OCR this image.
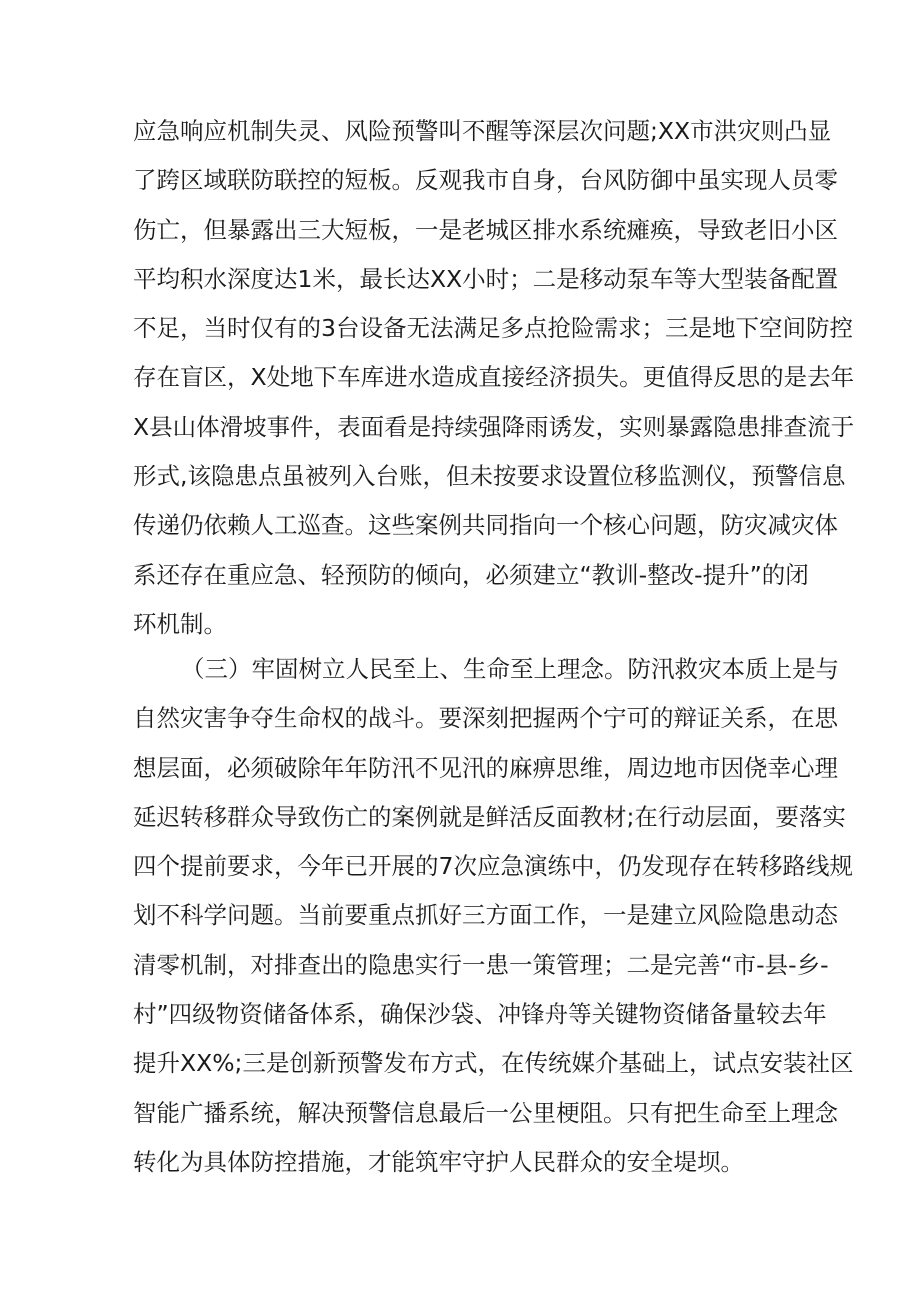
应急响应机制失灵、风险预警叫不醒等深层次问题;XX市洪灾则凸显
了跨区域联防联控的短板。反观我市自身，台风防御中虽实现人员零
伤亡，但暴露出三大短板，一是老城区排水系统瘫痪，导致老旧小区
平均积水深度达1米，最长达XX小时；二是移动泵车等大型装备配置
不足，当时仅有的3台设备无法满足多点抢险需求；三是地下空间防控
存在盲区，X处地下车库进水造成直接经济损失。更值得反思的是去年
X县山体滑坡事件，表面看是持续强降雨诱发，实则暴露隐患排查流于
形式,该隐患点虽被列入台账，但未按要求设置位移监测仪，预警信息
传递仍依赖人工巡查。这些案例共同指向一个核心问题，防灾减灾体
系还存在重应急、轻预防的倾向，必须建立“教训-整改-提升”的闭
环机制。
（三）牢固树立人民至上、生命至上理念。防汛救灾本质上是与
自然灾害争夺生命权的战斗。要深刻把握两个宁可的辩证关系，在思
想层面，必须破除年年防汛不见汛的麻痹思维，周边地市因侥幸心理
延迟转移群众导致伤亡的案例就是鲜活反面教材;在行动层面，要落实
四个提前要求，今年已开展的7次应急演练中，仍发现存在转移路线规
划不科学问题。当前要重点抓好三方面工作，一是建立风险隐患动态
清零机制，对排查出的隐患实行一患一策管理；二是完善“市-县-乡-
村”四级物资储备体系，确保沙袋、冲锋舟等关键物资储备量较去年
提升XX%;三是创新预警发布方式，在传统媒介基础上，试点安装社区
智能广播系统，解决预警信息最后一公里梗阻。只有把生命至上理念
转化为具体防控措施，才能筑牢守护人民群众的安全堤坝。
